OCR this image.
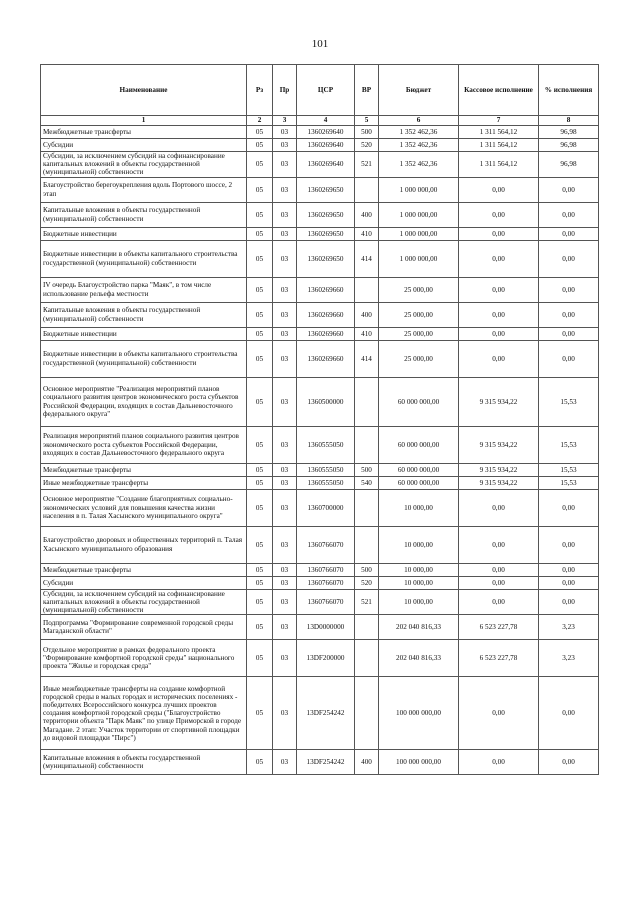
101
Наименование	Рз	Пр	ЦСР	ВР	Бюджет	Кассовое исполнение	% исполнения
1	2	3	4	5	6	7	8
Межбюджетные трансферты	05	03	1360269640	500	1 352 462,36	1 311 564,12	96,98
Субсидии	05	03	1360269640	520	1 352 462,36	1 311 564,12	96,98
Субсидии, за исключением субсидий на софинансирование капитальных вложений в объекты государственной (муниципальной) собственности	05	03	1360269640	521	1 352 462,36	1 311 564,12	96,98
Благоустройство берегоукрепления вдоль Портового шоссе, 2 этап	05	03	1360269650		1 000 000,00	0,00	0,00
Капитальные вложения в объекты государственной (муниципальной) собственности	05	03	1360269650	400	1 000 000,00	0,00	0,00
Бюджетные инвестиции	05	03	1360269650	410	1 000 000,00	0,00	0,00
Бюджетные инвестиции в объекты капитального строительства государственной (муниципальной) собственности	05	03	1360269650	414	1 000 000,00	0,00	0,00
IV очередь Благоустройство парка "Маяк", в том числе использование рельефа местности	05	03	1360269660		25 000,00	0,00	0,00
Капитальные вложения в объекты государственной (муниципальной) собственности	05	03	1360269660	400	25 000,00	0,00	0,00
Бюджетные инвестиции	05	03	1360269660	410	25 000,00	0,00	0,00
Бюджетные инвестиции в объекты капитального строительства государственной (муниципальной) собственности	05	03	1360269660	414	25 000,00	0,00	0,00
Основное мероприятие "Реализация мероприятий планов социального развития центров экономического роста субъектов Российской Федерации, входящих в состав Дальневосточного федерального округа"	05	03	1360500000		60 000 000,00	9 315 934,22	15,53
Реализация мероприятий планов социального развития центров экономического роста субъектов Российской Федерации, входящих в состав Дальневосточного федерального округа	05	03	1360555050		60 000 000,00	9 315 934,22	15,53
Межбюджетные трансферты	05	03	1360555050	500	60 000 000,00	9 315 934,22	15,53
Иные межбюджетные трансферты	05	03	1360555050	540	60 000 000,00	9 315 934,22	15,53
Основное мероприятие "Создание благоприятных социально-экономических условий для повышения качества жизни населения в п. Талая Хасынского муниципального округа"	05	03	1360700000		10 000,00	0,00	0,00
Благоустройство дворовых и общественных территорий п. Талая Хасынского муниципального образования	05	03	1360766070		10 000,00	0,00	0,00
Межбюджетные трансферты	05	03	1360766070	500	10 000,00	0,00	0,00
Субсидии	05	03	1360766070	520	10 000,00	0,00	0,00
Субсидии, за исключением субсидий на софинансирование капитальных вложений в объекты государственной (муниципальной) собственности	05	03	1360766070	521	10 000,00	0,00	0,00
Подпрограмма "Формирование современной городской среды Магаданской области"	05	03	13D0000000		202 040 816,33	6 523 227,78	3,23
Отдельное мероприятие в рамках федерального проекта "Формирование комфортной городской среды" национального проекта "Жилье и городская среда"	05	03	13DF200000		202 040 816,33	6 523 227,78	3,23
Иные межбюджетные трансферты на создание комфортной городской среды в малых городах и исторических поселениях - победителях Всероссийского конкурса лучших проектов создания комфортной городской среды ("Благоустройство территории объекта "Парк Маяк" по улице Приморской в городе Магадане. 2 этап: Участок территории от спортивной площадки до видовой площадки "Пирс")	05	03	13DF254242		100 000 000,00	0,00	0,00
Капитальные вложения в объекты государственной (муниципальной) собственности	05	03	13DF254242	400	100 000 000,00	0,00	0,00
